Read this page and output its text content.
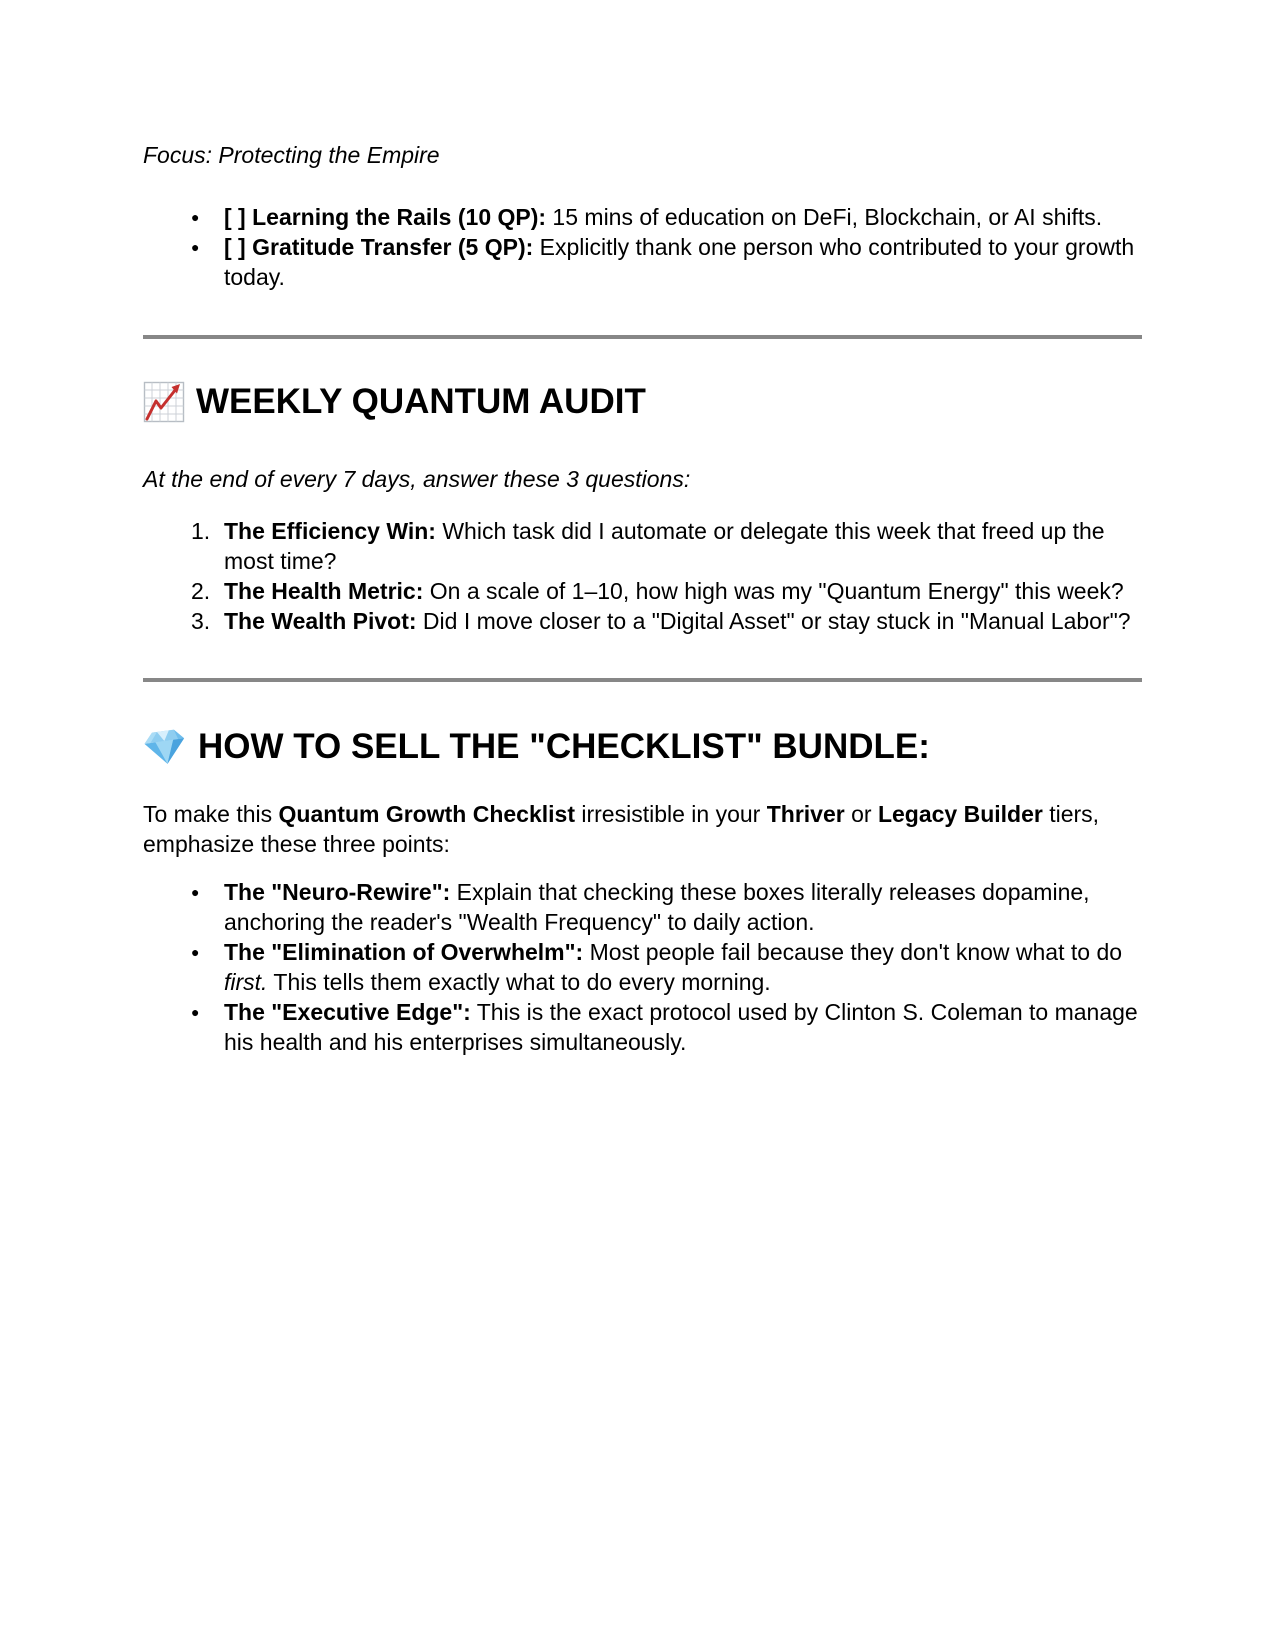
Focus: Protecting the Empire

● [ ] Learning the Rails (10 QP): 15 mins of education on DeFi, Blockchain, or AI shifts.
● [ ] Gratitude Transfer (5 QP): Explicitly thank one person who contributed to your growth today.
WEEKLY QUANTUM AUDIT

At the end of every 7 days, answer these 3 questions:

1. The Efficiency Win: Which task did I automate or delegate this week that freed up the most time?
2. The Health Metric: On a scale of 1–10, how high was my "Quantum Energy" this week?
3. The Wealth Pivot: Did I move closer to a "Digital Asset" or stay stuck in "Manual Labor"?
HOW TO SELL THE "CHECKLIST" BUNDLE:

To make this Quantum Growth Checklist irresistible in your Thriver or Legacy Builder tiers, emphasize these three points:

● The "Neuro-Rewire": Explain that checking these boxes literally releases dopamine, anchoring the reader's "Wealth Frequency" to daily action.
● The "Elimination of Overwhelm": Most people fail because they don't know what to do first. This tells them exactly what to do every morning.
● The "Executive Edge": This is the exact protocol used by Clinton S. Coleman to manage his health and his enterprises simultaneously.
